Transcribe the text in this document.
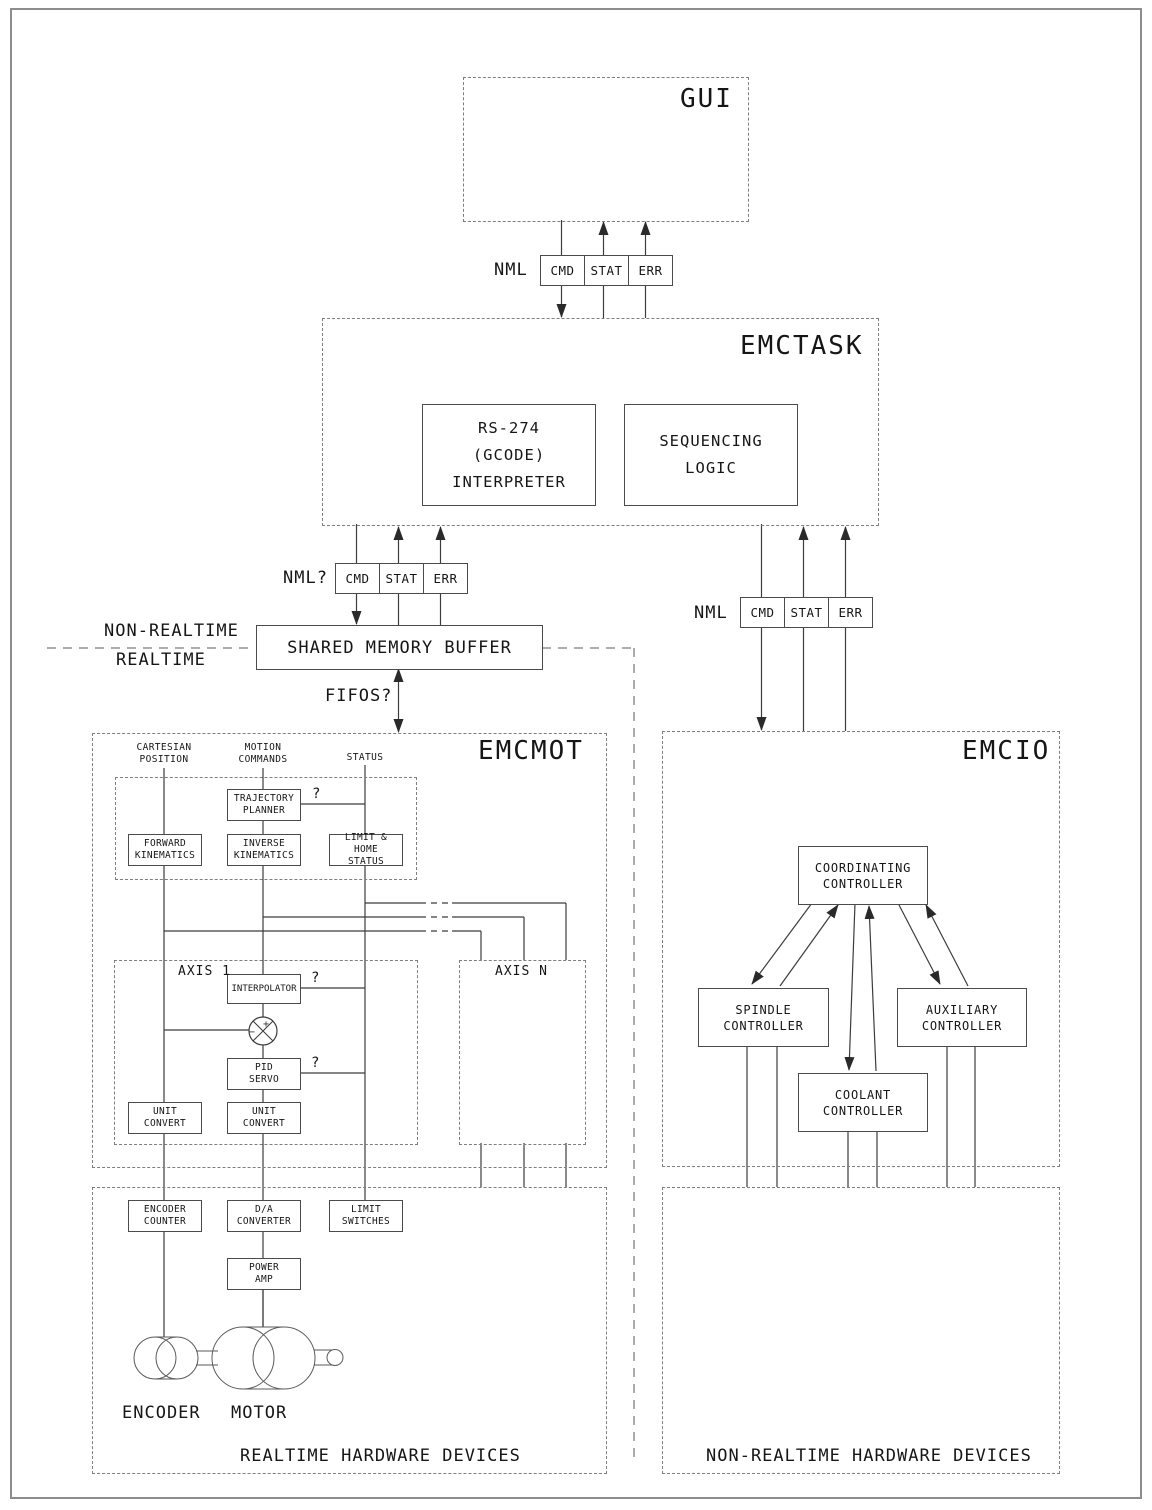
+
−
GUI
NML	CMD	STAT	ERR
EMCTASK
RS-274
(GCODE)
INTERPRETER
SEQUENCING
LOGIC
NML?	CMD	STAT	ERR
NML	CMD	STAT	ERR
SHARED MEMORY BUFFER
NON-REALTIME
REALTIME
FIFOS?
EMCMOT
CARTESIAN
POSITION
MOTION
COMMANDS	STATUS
TRAJECTORY
PLANNER
?
FORWARD
KINEMATICS
INVERSE
KINEMATICS
LIMIT & HOME
STATUS
AXIS 1	AXIS N
INTERPOLATOR
?
PID
SERVO
?
UNIT
CONVERT
UNIT
CONVERT
EMCIO
COORDINATING
CONTROLLER
SPINDLE
CONTROLLER
AUXILIARY
CONTROLLER
COOLANT
CONTROLLER
ENCODER
COUNTER
D/A
CONVERTER
LIMIT
SWITCHES
POWER
AMP
ENCODER MOTOR
REALTIME HARDWARE DEVICES	NON-REALTIME HARDWARE DEVICES
